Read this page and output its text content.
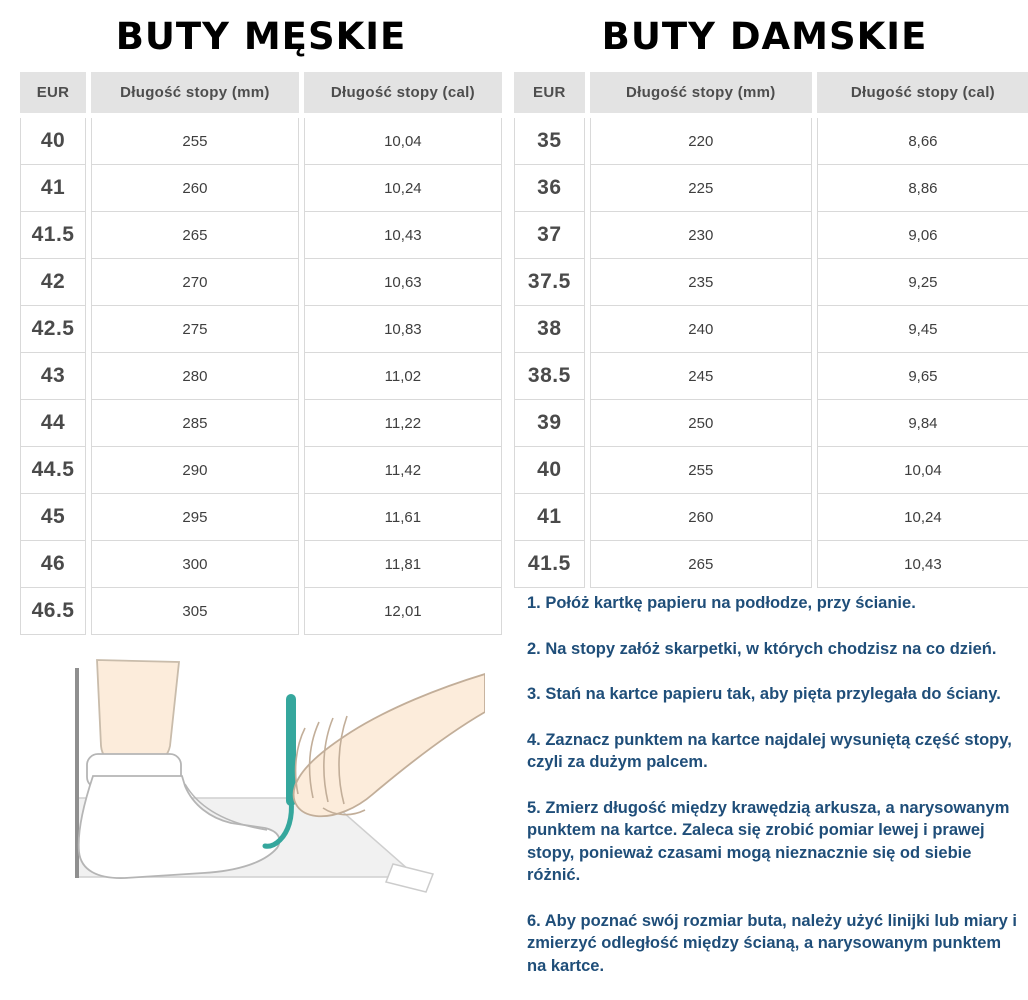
BUTY MĘSKIE
EUR	Długość stopy (mm)	Długość stopy (cal)
40	255	10,04
41	260	10,24
41.5	265	10,43
42	270	10,63
42.5	275	10,83
43	280	11,02
44	285	11,22
44.5	290	11,42
45	295	11,61
46	300	11,81
46.5	305	12,01
BUTY DAMSKIE
EUR	Długość stopy (mm)	Długość stopy (cal)
35	220	8,66
36	225	8,86
37	230	9,06
37.5	235	9,25
38	240	9,45
38.5	245	9,65
39	250	9,84
40	255	10,04
41	260	10,24
41.5	265	10,43

1. Połóż kartkę papieru na podłodze, przy ścianie.

2. Na stopy załóż skarpetki, w których chodzisz na co dzień.

3. Stań na kartce papieru tak, aby pięta przylegała do ściany.

4. Zaznacz punktem na kartce najdalej wysuniętą część stopy, czyli za dużym palcem.

5. Zmierz długość między krawędzią arkusza, a narysowanym punktem na kartce. Zaleca się zrobić pomiar lewej i prawej stopy, ponieważ czasami mogą nieznacznie się od siebie różnić.

6. Aby poznać swój rozmiar buta, należy użyć linijki lub miary i zmierzyć odległość między ścianą, a narysowanym punktem na kartce.
